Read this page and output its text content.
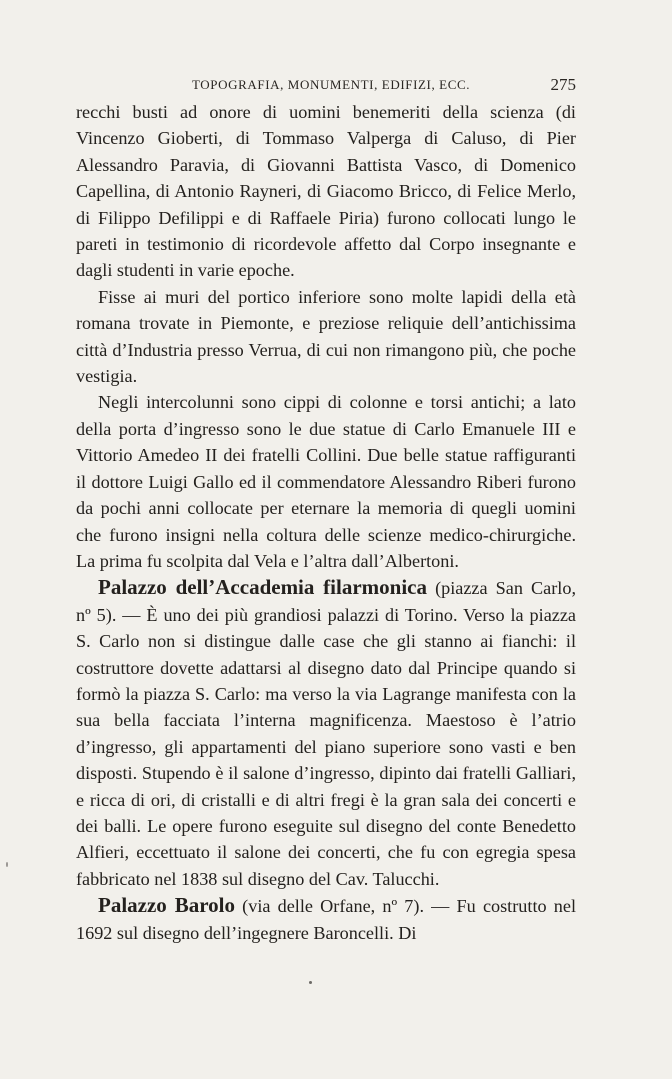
TOPOGRAFIA, MONUMENTI, EDIFIZI, ECC.	275

recchi busti ad onore di uomini benemeriti della scienza (di Vincenzo Gioberti, di Tommaso Valperga di Caluso, di Pier Alessandro Paravia, di Giovanni Battista Vasco, di Domenico Capellina, di Antonio Rayneri, di Giacomo Bricco, di Felice Merlo, di Filippo Defilippi e di Raffaele Piria) furono collocati lungo le pareti in testimonio di ricordevole affetto dal Corpo insegnante e dagli studenti in varie epoche.

Fisse ai muri del portico inferiore sono molte lapidi della età romana trovate in Piemonte, e preziose reliquie dell’antichissima città d’Industria presso Verrua, di cui non rimangono più, che poche vestigia.

Negli intercolunni sono cippi di colonne e torsi antichi; a lato della porta d’ingresso sono le due statue di Carlo Emanuele III e Vittorio Amedeo II dei fratelli Collini. Due belle statue raffiguranti il dottore Luigi Gallo ed il commendatore Alessandro Riberi furono da pochi anni collocate per eternare la memoria di quegli uomini che furono insigni nella coltura delle scienze medico-chirurgiche. La prima fu scolpita dal Vela e l’altra dall’Albertoni.

Palazzo dell’Accademia filarmonica (piazza San Carlo, nº 5). — È uno dei più grandiosi palazzi di Torino. Verso la piazza S. Carlo non si distingue dalle case che gli stanno ai fianchi: il costruttore dovette adattarsi al disegno dato dal Principe quando si formò la piazza S. Carlo: ma verso la via Lagrange manifesta con la sua bella facciata l’interna magnificenza. Maestoso è l’atrio d’ingresso, gli appartamenti del piano superiore sono vasti e ben disposti. Stupendo è il salone d’ingresso, dipinto dai fratelli Galliari, e ricca di ori, di cristalli e di altri fregi è la gran sala dei concerti e dei balli. Le opere furono eseguite sul disegno del conte Benedetto Alfieri, eccettuato il salone dei concerti, che fu con egregia spesa fabbricato nel 1838 sul disegno del Cav. Talucchi.

Palazzo Barolo (via delle Orfane, nº 7). — Fu costrutto nel 1692 sul disegno dell’ingegnere Baroncelli. Di
